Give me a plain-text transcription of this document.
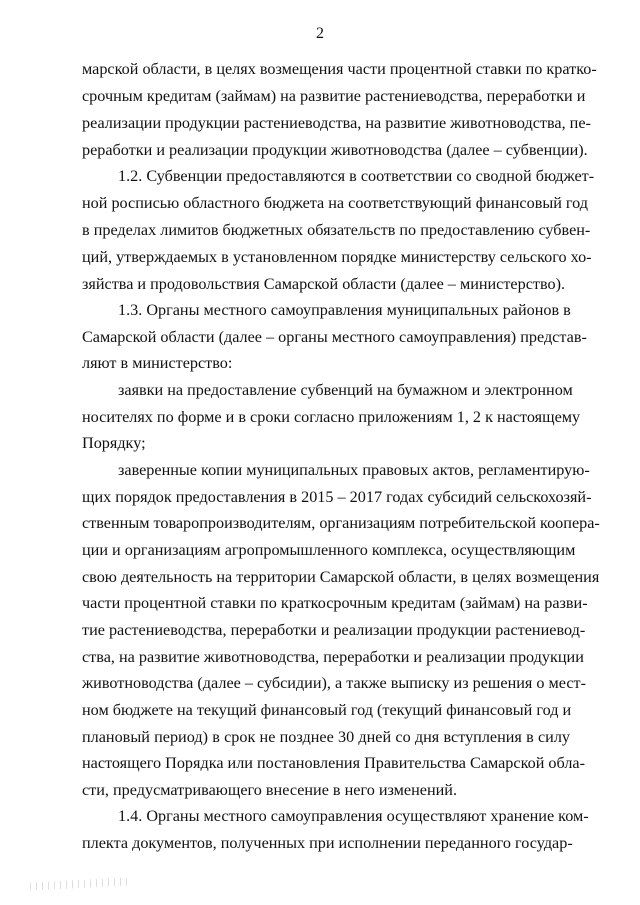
2
марской области, в целях возмещения части процентной ставки по кратко-
срочным кредитам (займам) на развитие растениеводства, переработки и
реализации продукции растениеводства, на развитие животноводства, пе-
реработки и реализации продукции животноводства (далее – субвенции).
1.2. Субвенции предоставляются в соответствии со сводной бюджет-
ной росписью областного бюджета на соответствующий финансовый год
в пределах лимитов бюджетных обязательств по предоставлению субвен-
ций, утверждаемых в установленном порядке министерству сельского хо-
зяйства и продовольствия Самарской области (далее – министерство).
1.3. Органы местного самоуправления муниципальных районов в
Самарской области (далее – органы местного самоуправления) представ-
ляют в министерство:
заявки на предоставление субвенций на бумажном и электронном
носителях по форме и в сроки согласно приложениям 1, 2 к настоящему
Порядку;
заверенные копии муниципальных правовых актов, регламентирую-
щих порядок предоставления в 2015 – 2017 годах субсидий сельскохозяй-
ственным товаропроизводителям, организациям потребительской коопера-
ции и организациям агропромышленного комплекса, осуществляющим
свою деятельность на территории Самарской области, в целях возмещения
части процентной ставки по краткосрочным кредитам (займам) на разви-
тие растениеводства, переработки и реализации продукции растениевод-
ства, на развитие животноводства, переработки и реализации продукции
животноводства (далее – субсидии), а также выписку из решения о мест-
ном бюджете на текущий финансовый год (текущий финансовый год и
плановый период) в срок не позднее 30 дней со дня вступления в силу
настоящего Порядка или постановления Правительства Самарской обла-
сти, предусматривающего внесение в него изменений.
1.4. Органы местного самоуправления осуществляют хранение ком-
плекта документов, полученных при исполнении переданного государ-
